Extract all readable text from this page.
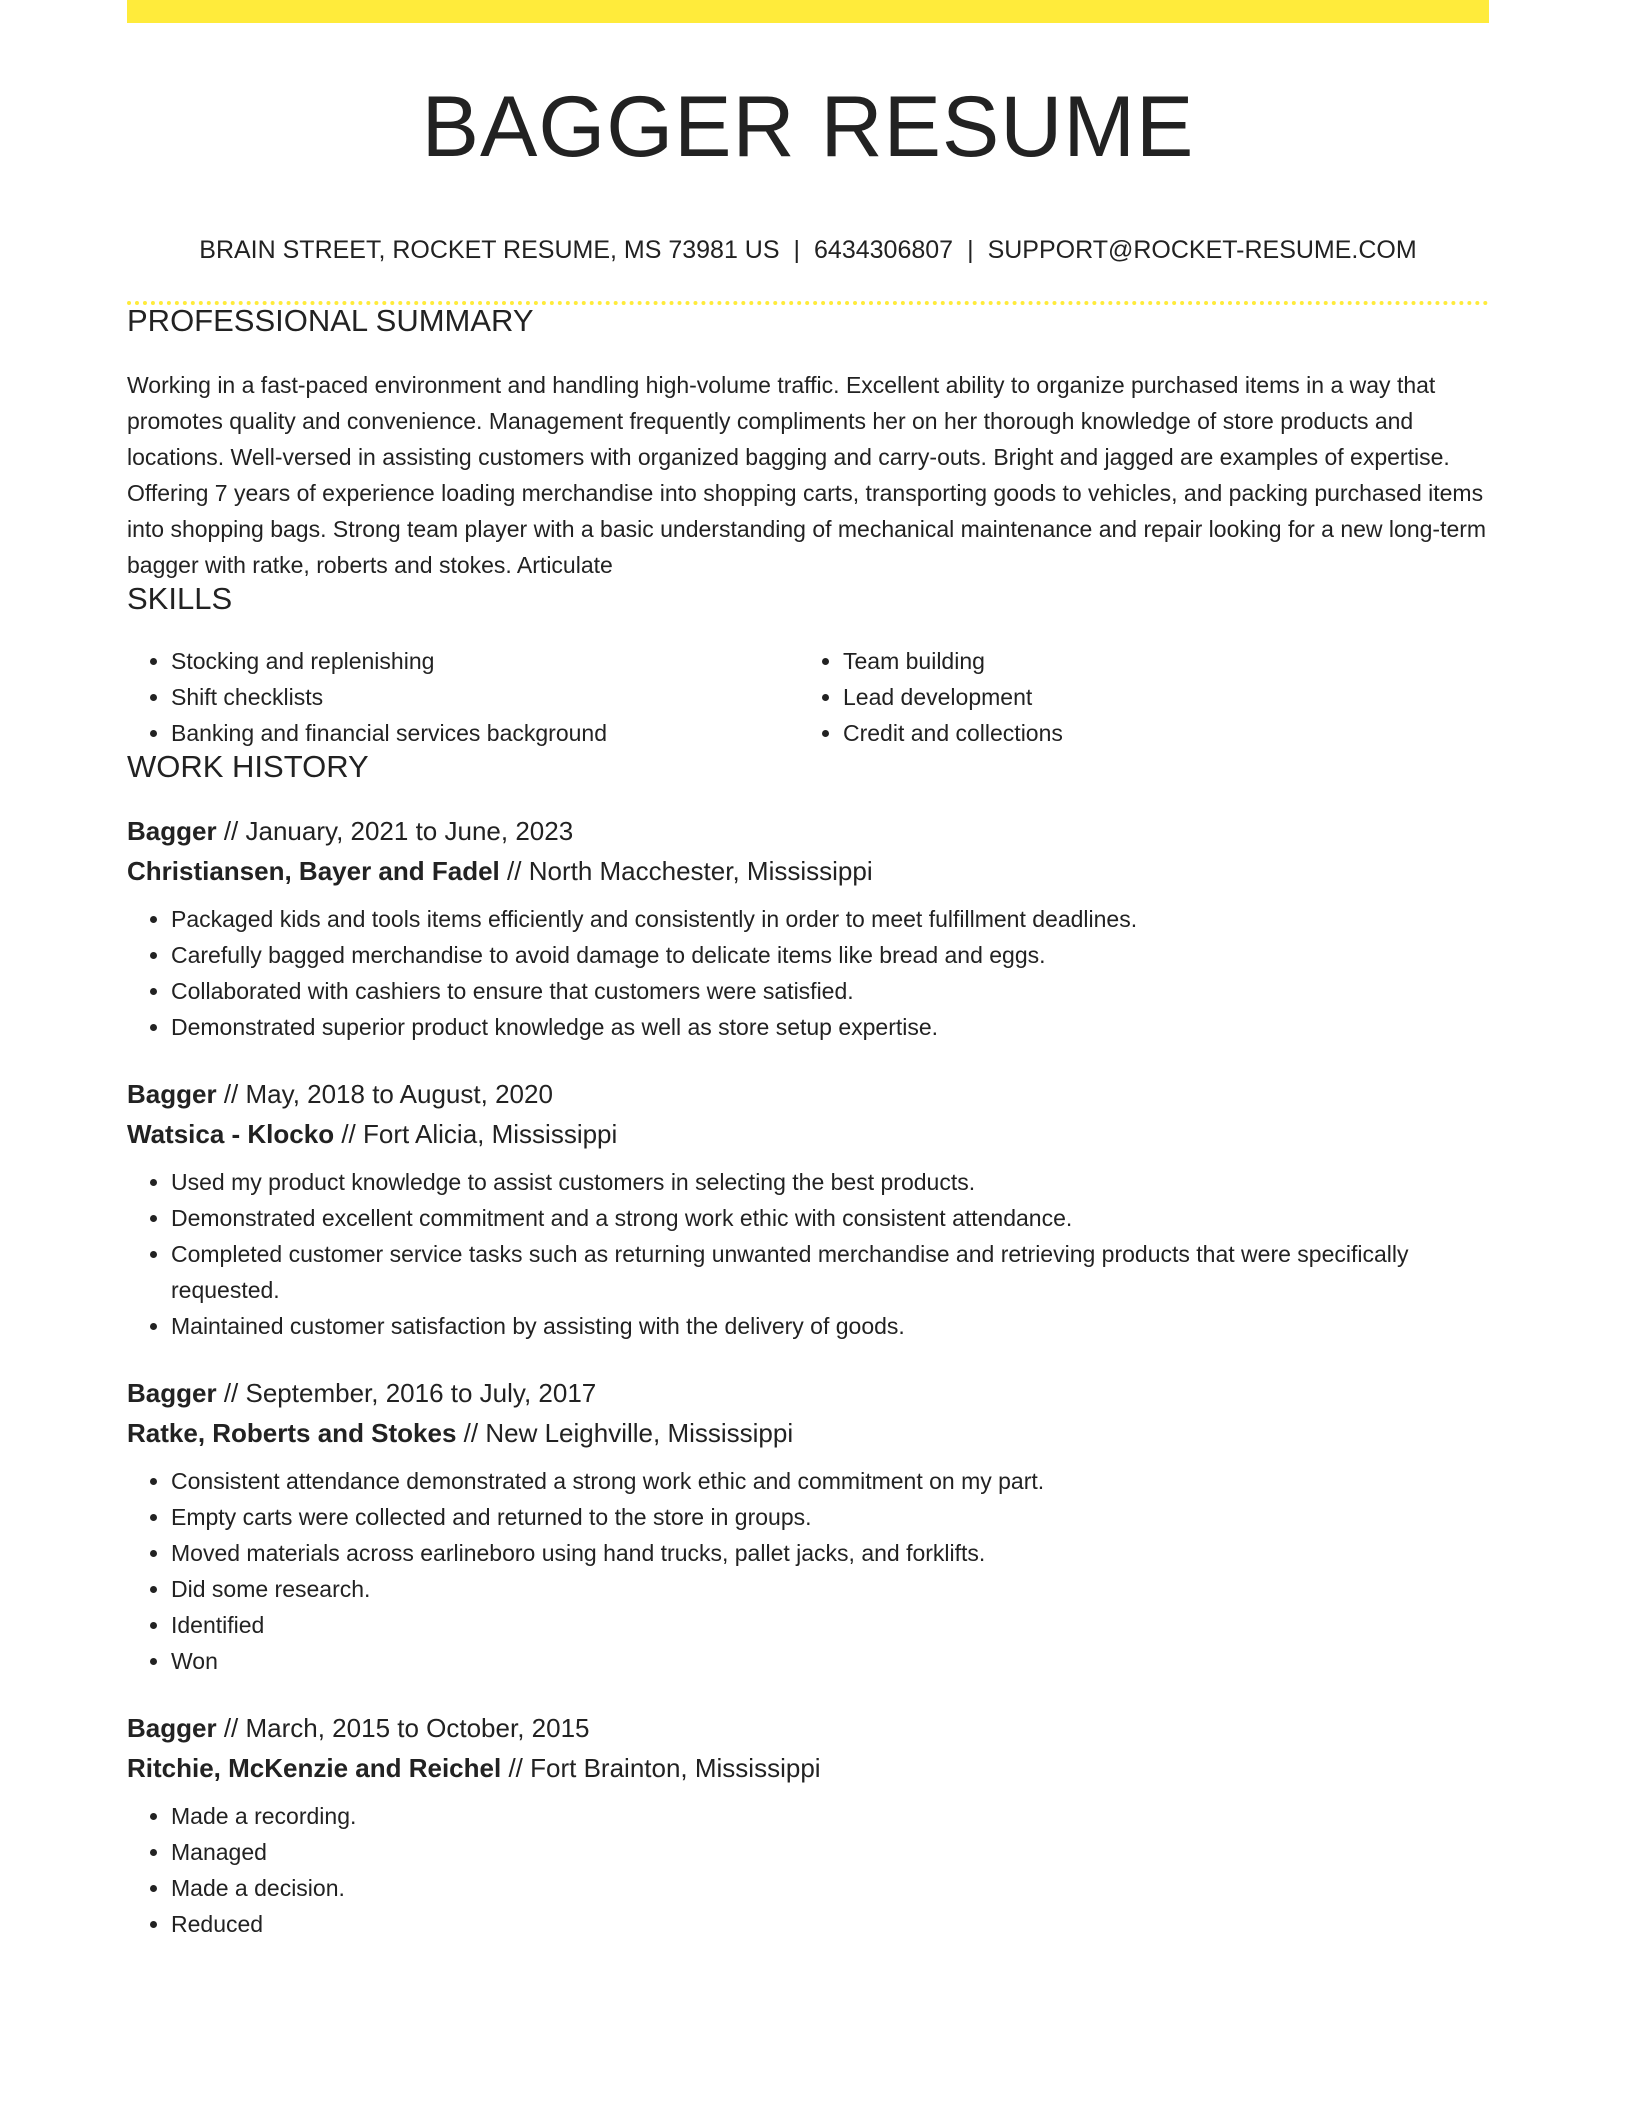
BAGGER RESUME
BRAIN STREET, ROCKET RESUME, MS 73981 US | 6434306807 | SUPPORT@ROCKET-RESUME.COM
PROFESSIONAL SUMMARY

Working in a fast-paced environment and handling high-volume traffic. Excellent ability to organize purchased items in a way that promotes quality and convenience. Management frequently compliments her on her thorough knowledge of store products and locations. Well-versed in assisting customers with organized bagging and carry-outs. Bright and jagged are examples of expertise. Offering 7 years of experience loading merchandise into shopping carts, transporting goods to vehicles, and packing purchased items into shopping bags. Strong team player with a basic understanding of mechanical maintenance and repair looking for a new long-term bagger with ratke, roberts and stokes. Articulate

SKILLS
• Stocking and replenishing
• Shift checklists
• Banking and financial services background
• Team building
• Lead development
• Credit and collections
WORK HISTORY
Bagger // January, 2021 to June, 2023
Christiansen, Bayer and Fadel // North Macchester, Mississippi
• Packaged kids and tools items efficiently and consistently in order to meet fulfillment deadlines.
• Carefully bagged merchandise to avoid damage to delicate items like bread and eggs.
• Collaborated with cashiers to ensure that customers were satisfied.
• Demonstrated superior product knowledge as well as store setup expertise.
Bagger // May, 2018 to August, 2020
Watsica - Klocko // Fort Alicia, Mississippi
• Used my product knowledge to assist customers in selecting the best products.
• Demonstrated excellent commitment and a strong work ethic with consistent attendance.
• Completed customer service tasks such as returning unwanted merchandise and retrieving products that were specifically requested.
• Maintained customer satisfaction by assisting with the delivery of goods.
Bagger // September, 2016 to July, 2017
Ratke, Roberts and Stokes // New Leighville, Mississippi
• Consistent attendance demonstrated a strong work ethic and commitment on my part.
• Empty carts were collected and returned to the store in groups.
• Moved materials across earlineboro using hand trucks, pallet jacks, and forklifts.
• Did some research.
• Identified
• Won
Bagger // March, 2015 to October, 2015
Ritchie, McKenzie and Reichel // Fort Brainton, Mississippi
• Made a recording.
• Managed
• Made a decision.
• Reduced
